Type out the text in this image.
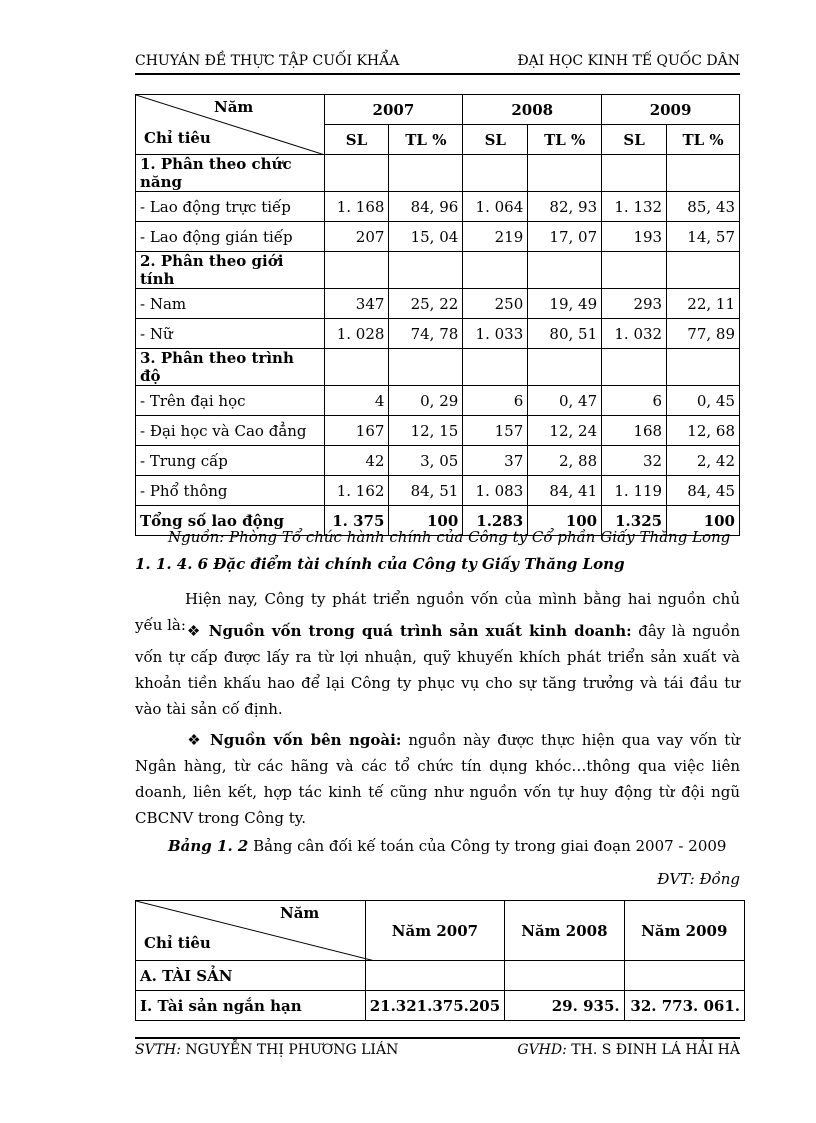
CHUYÁN ĐỀ THỰC TẬP CUỐI KHẨA	ĐẠI HỌC KINH TẾ QUỐC DÂN
Năm
Chỉ tiêu	2007		2008		2009	
	SL	TL %	SL	TL %	SL	TL %
1. Phân theo chức năng						
- Lao động trực tiếp	1. 168	84, 96	1. 064	82, 93	1. 132	85, 43
- Lao động gián tiếp	207	15, 04	219	17, 07	193	14, 57
2. Phân theo giới tính						
- Nam	347	25, 22	250	19, 49	293	22, 11
- Nữ	1. 028	74, 78	1. 033	80, 51	1. 032	77, 89
3. Phân theo trình độ						
- Trên đại học	4	0, 29	6	0, 47	6	0, 45
- Đại học và Cao đẳng	167	12, 15	157	12, 24	168	12, 68
- Trung cấp	42	3, 05	37	2, 88	32	2, 42
- Phổ thông	1. 162	84, 51	1. 083	84, 41	1. 119	84, 45
Tổng số lao động	1. 375	100	1.283	100	1.325	100
Nguồn: Phòng Tổ chức hành chính của Công ty Cổ phần Giấy Thăng Long
1. 1. 4. 6 Đặc điểm tài chính của Công ty Giấy Thăng Long
Hiện nay, Công ty phát triển nguồn vốn của mình bằng hai nguồn chủ yếu là: ❖ Nguồn vốn trong quá trình sản xuất kinh doanh: đây là nguồn vốn tự cấp được lấy ra từ lợi nhuận, quỹ khuyến khích phát triển sản xuất và khoản tiền khấu hao để lại Công ty phục vụ cho sự tăng trưởng và tái đầu tư vào tài sản cố định.
❖ Nguồn vốn bên ngoài: nguồn này được thực hiện qua vay vốn từ Ngân hàng, từ các hãng và các tổ chức tín dụng khóc…thông qua việc liên doanh, liên kết, hợp tác kinh tế cũng như nguồn vốn tự huy động từ đội ngũ CBCNV trong Công ty.
Bảng 1. 2 Bảng cân đối kế toán của Công ty trong giai đoạn 2007 - 2009
ĐVT: Đồng
Năm
Chỉ tiêu	Năm 2007	Năm 2008	Năm 2009
A. TÀI SẢN			
I. Tài sản ngắn hạn	21.321.375.205	29. 935.	32. 773. 061.
SVTH: NGUYỄN THỊ PHƯƠNG LIÁN	GVHD: TH. S ĐINH LÁ HẢI HÀ
